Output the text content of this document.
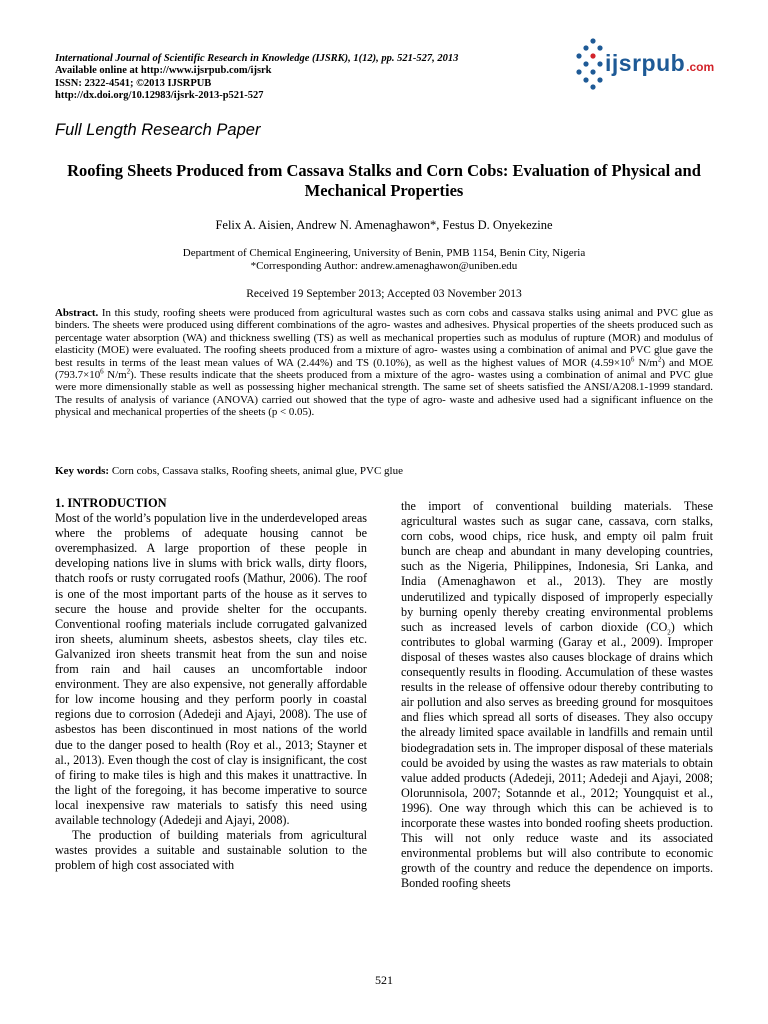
International Journal of Scientific Research in Knowledge (IJSRK), 1(12), pp. 521-527, 2013
Available online at http://www.ijsrpub.com/ijsrk
ISSN: 2322-4541; ©2013 IJSRPUB
http://dx.doi.org/10.12983/ijsrk-2013-p521-527
ijsrpub.com
Full Length Research Paper
Roofing Sheets Produced from Cassava Stalks and Corn Cobs: Evaluation of Physical and Mechanical Properties
Felix A. Aisien, Andrew N. Amenaghawon*, Festus D. Onyekezine
Department of Chemical Engineering, University of Benin, PMB 1154, Benin City, Nigeria
*Corresponding Author: andrew.amenaghawon@uniben.edu
Received 19 September 2013; Accepted 03 November 2013

Abstract. In this study, roofing sheets were produced from agricultural wastes such as corn cobs and cassava stalks using animal and PVC glue as binders. The sheets were produced using different combinations of the agro- wastes and adhesives. Physical properties of the sheets produced such as percentage water absorption (WA) and thickness swelling (TS) as well as mechanical properties such as modulus of rupture (MOR) and modulus of elasticity (MOE) were evaluated. The roofing sheets produced from a mixture of agro- wastes using a combination of animal and PVC glue gave the best results in terms of the least mean values of WA (2.44%) and TS (0.10%), as well as the highest values of MOR ($4.59\times 10^6$ $N/m^2$) and MOE ($793.7\times 10^6$ $N/m^2$). These results indicate that the sheets produced from a mixture of the agro- wastes using a combination of animal and PVC glue were more dimensionally stable as well as possessing higher mechanical strength. The same set of sheets satisfied the ANSI/A208.1-1999 standard. The results of analysis of variance (ANOVA) carried out showed that the type of agro- waste and adhesive used had a significant influence on the physical and mechanical properties of the sheets (p < 0.05).

Key words: Corn cobs, Cassava stalks, Roofing sheets, animal glue, PVC glue

1. INTRODUCTION

Most of the world’s population live in the underdeveloped areas where the problems of adequate housing cannot be overemphasized. A large proportion of these people in developing nations live in slums with brick walls, dirty floors, thatch roofs or rusty corrugated roofs (Mathur, 2006). The roof is one of the most important parts of the house as it serves to secure the house and provide shelter for the occupants. Conventional roofing materials include corrugated galvanized iron sheets, aluminum sheets, asbestos sheets, clay tiles etc. Galvanized iron sheets transmit heat from the sun and noise from rain and hail causes an uncomfortable indoor environment. They are also expensive, not generally affordable for low income housing and they perform poorly in coastal regions due to corrosion (Adedeji and Ajayi, 2008). The use of asbestos has been discontinued in most nations of the world due to the danger posed to health (Roy et al., 2013; Stayner et al., 2013). Even though the cost of clay is insignificant, the cost of firing to make tiles is high and this makes it unattractive. In the light of the foregoing, it has become imperative to source local inexpensive raw materials to satisfy this need using available technology (Adedeji and Ajayi, 2008).

The production of building materials from agricultural wastes provides a suitable and sustainable solution to the problem of high cost associated with

the import of conventional building materials. These agricultural wastes such as sugar cane, cassava, corn stalks, corn cobs, wood chips, rice husk, and empty oil palm fruit bunch are cheap and abundant in many developing countries, such as the Nigeria, Philippines, Indonesia, Sri Lanka, and India (Amenaghawon et al., 2013). They are mostly underutilized and typically disposed of improperly especially by burning openly thereby creating environmental problems such as increased levels of carbon dioxide $(CO_2)$ which contributes to global warming (Garay et al., 2009). Improper disposal of theses wastes also causes blockage of drains which consequently results in flooding. Accumulation of these wastes results in the release of offensive odour thereby contributing to air pollution and also serves as breeding ground for mosquitoes and flies which spread all sorts of diseases. They also occupy the already limited space available in landfills and remain until biodegradation sets in. The improper disposal of these materials could be avoided by using the wastes as raw materials to obtain value added products (Adedeji, 2011; Adedeji and Ajayi, 2008; Olorunnisola, 2007; Sotannde et al., 2012; Youngquist et al., 1996). One way through which this can be achieved is to incorporate these wastes into bonded roofing sheets production. This will not only reduce waste and its associated environmental problems but will also contribute to economic growth of the country and reduce the dependence on imports. Bonded roofing sheets

521
